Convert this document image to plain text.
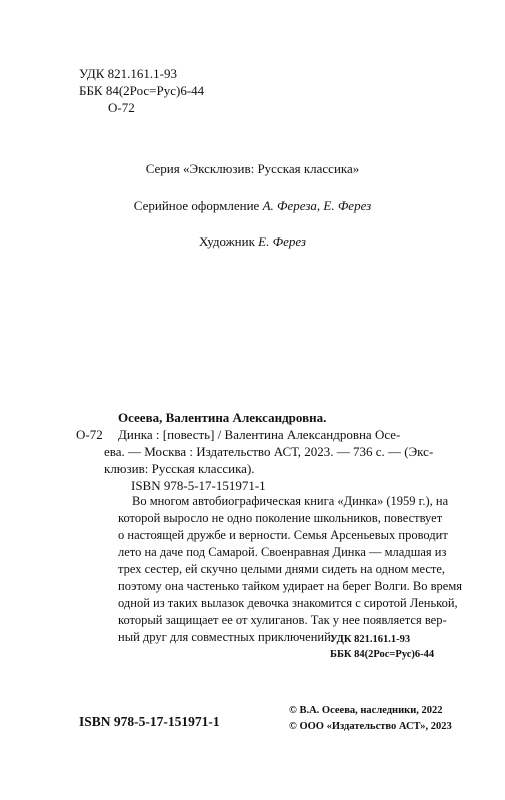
УДК 821.161.1-93
ББК 84(2Рос=Рус)6-44
О-72
Серия «Эксклюзив: Русская классика»
Серийное оформление А. Фереза, Е. Ферез
Художник Е. Ферез
Осеева, Валентина Александровна.
О-72 Динка : [повесть] / Валентина Александровна Осе-
ева. — Москва : Издательство АСТ, 2023. — 736 с. — (Экс-
клюзив: Русская классика).
ISBN 978-5-17-151971-1
Во многом автобиографическая книга «Динка» (1959 г.), на
которой выросло не одно поколение школьников, повествует
о настоящей дружбе и верности. Семья Арсеньевых проводит
лето на даче под Самарой. Своенравная Динка — младшая из
трех сестер, ей скучно целыми днями сидеть на одном месте,
поэтому она частенько тайком удирает на берег Волги. Во время
одной из таких вылазок девочка знакомится с сиротой Ленькой,
который защищает ее от хулиганов. Так у нее появляется вер-
ный друг для совместных приключений.
УДК 821.161.1-93
ББК 84(2Рос=Рус)6-44
ISBN 978-5-17-151971-1
© В.А. Осеева, наследники, 2022
© ООО «Издательство АСТ», 2023
